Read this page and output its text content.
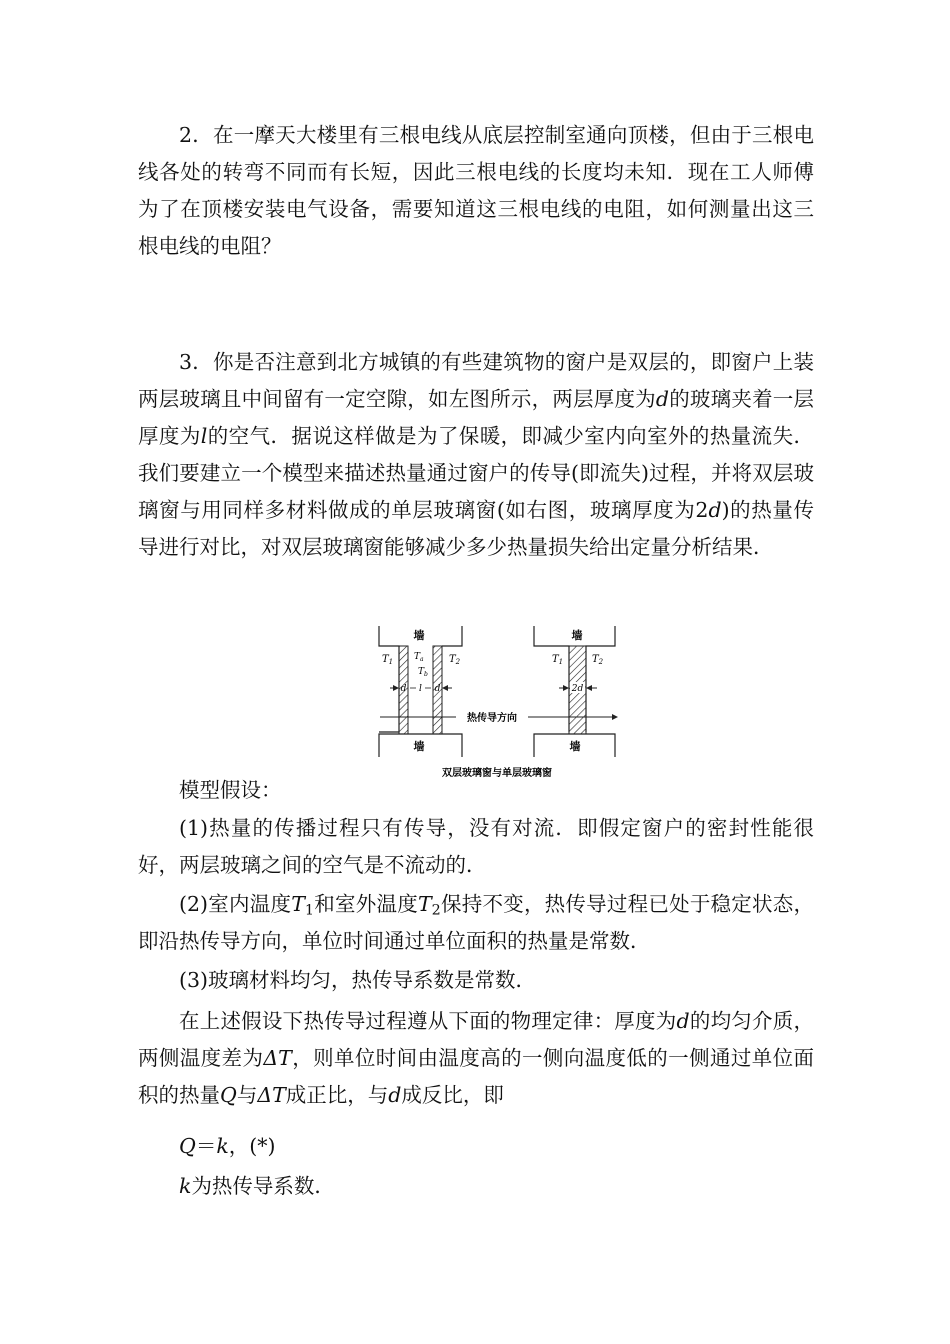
2．在一摩天大楼里有三根电线从底层控制室通向顶楼，但由于三根电线各处的转弯不同而有长短，因此三根电线的长度均未知．现在工人师傅为了在顶楼安装电气设备，需要知道这三根电线的电阻，如何测量出这三根电线的电阻？

3．你是否注意到北方城镇的有些建筑物的窗户是双层的，即窗户上装两层玻璃且中间留有一定空隙，如左图所示，两层厚度为d的玻璃夹着一层厚度为l的空气．据说这样做是为了保暖，即减少室内向室外的热量流失．我们要建立一个模型来描述热量通过窗户的传导(即流失)过程，并将双层玻璃窗与用同样多材料做成的单层玻璃窗(如右图，玻璃厚度为2d)的热量传导进行对比，对双层玻璃窗能够减少多少热量损失给出定量分析结果．

墙
墙
$T_1$	$T_2$
$T_a$
$T_b$
d l d
热传导方向
墙
墙
$T_1$	$T_2$
2d
双层玻璃窗与单层玻璃窗
模型假设：

(1)热量的传播过程只有传导，没有对流．即假定窗户的密封性能很好，两层玻璃之间的空气是不流动的．

(2)室内温度$T_1$和室外温度$T_2$保持不变，热传导过程已处于稳定状态，即沿热传导方向，单位时间通过单位面积的热量是常数．

(3)玻璃材料均匀，热传导系数是常数．

在上述假设下热传导过程遵从下面的物理定律：厚度为d的均匀介质，两侧温度差为ΔT，则单位时间由温度高的一侧向温度低的一侧通过单位面积的热量Q与ΔT成正比，与d成反比，即

Q＝k，(*)
k为热传导系数．
